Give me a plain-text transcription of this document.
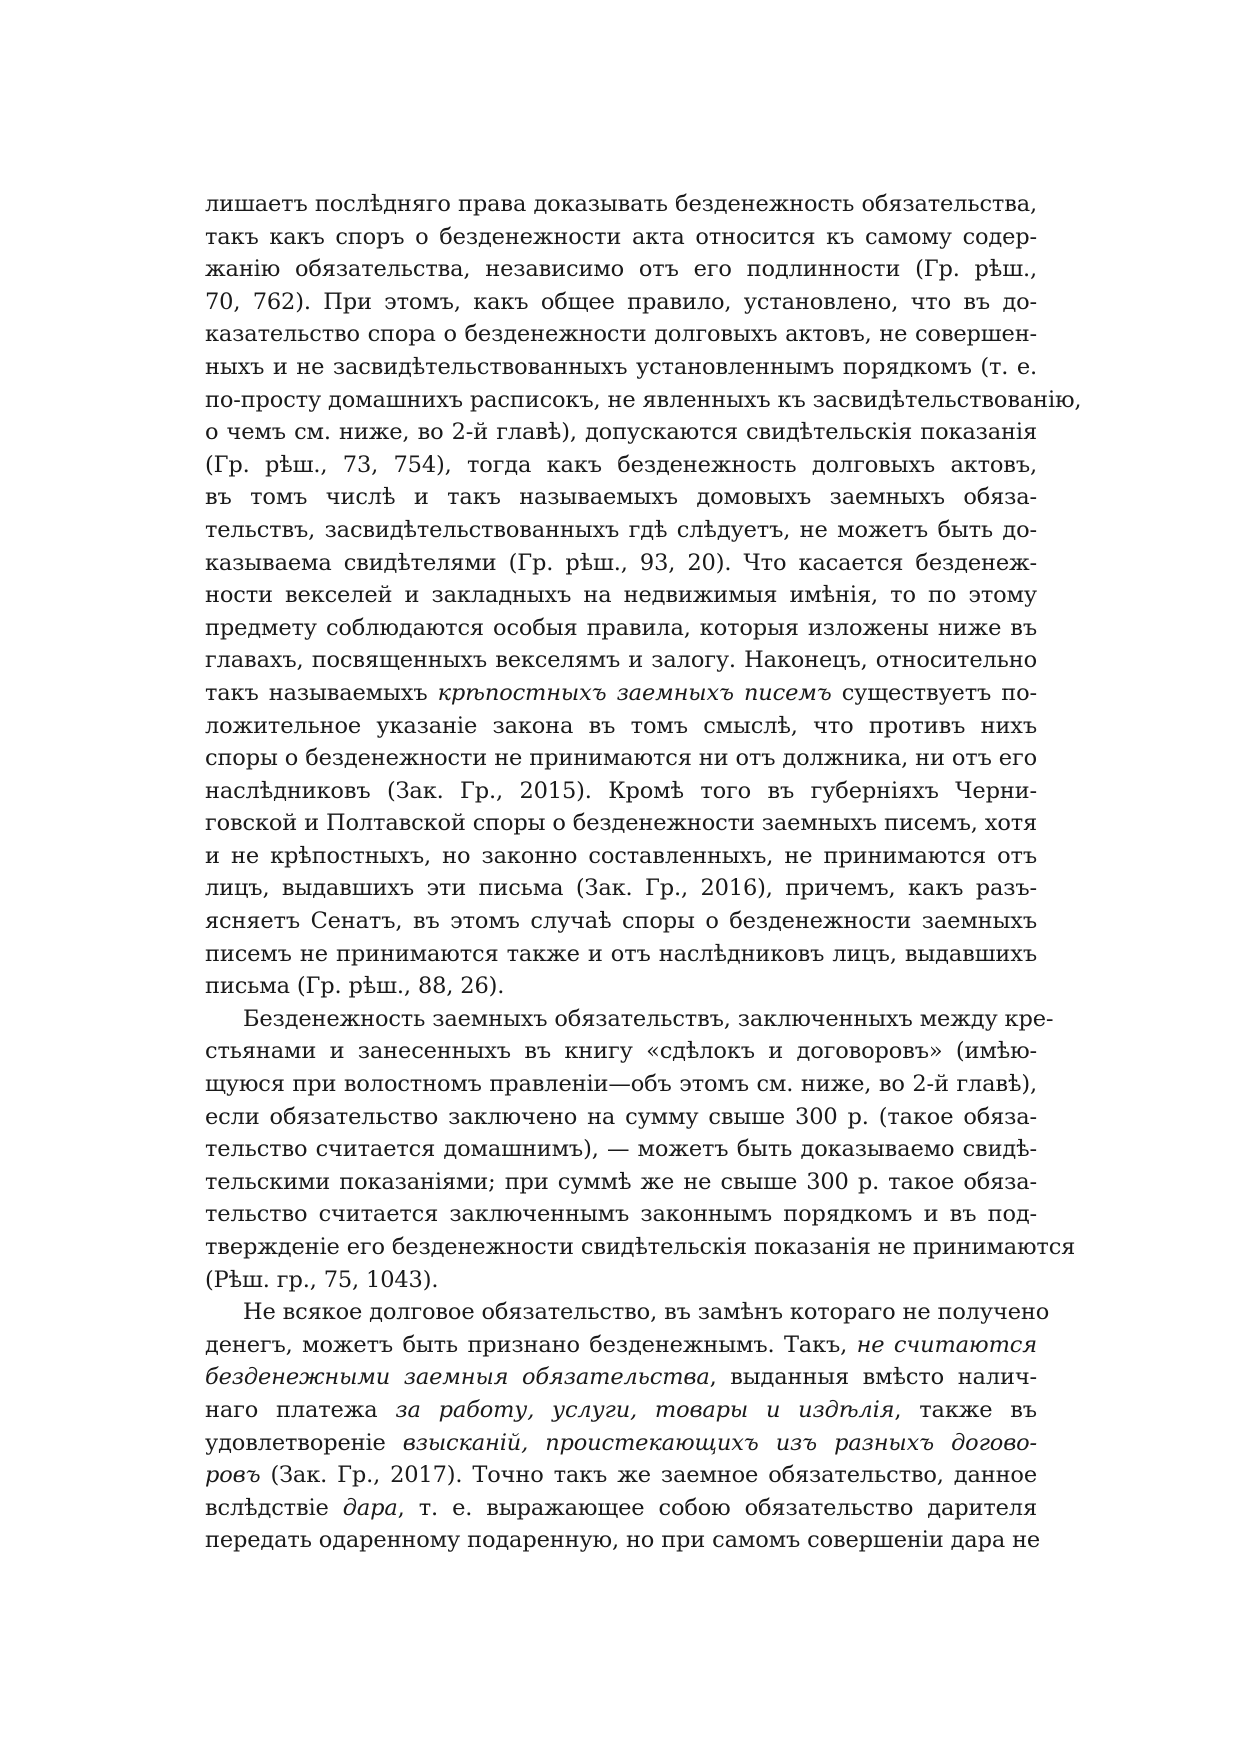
лишаетъ послѣдняго права доказывать безденежность обязательства,
такъ какъ споръ о безденежности акта относится къ самому содер-
жанію обязательства, независимо отъ его подлинности (Гр. рѣш.,
70, 762). При этомъ, какъ общее правило, установлено, что въ до-
казательство спора о безденежности долговыхъ актовъ, не совершен-
ныхъ и не засвидѣтельствованныхъ установленнымъ порядкомъ (т. е.
по-просту домашнихъ расписокъ, не явленныхъ къ засвидѣтельствованію,
о чемъ см. ниже, во 2-й главѣ), допускаются свидѣтельскія показанія
(Гр. рѣш., 73, 754), тогда какъ безденежность долговыхъ актовъ,
въ томъ числѣ и такъ называемыхъ домовыхъ заемныхъ обяза-
тельствъ, засвидѣтельствованныхъ гдѣ слѣдуетъ, не можетъ быть до-
казываема свидѣтелями (Гр. рѣш., 93, 20). Что касается безденеж-
ности векселей и закладныхъ на недвижимыя имѣнія, то по этому
предмету соблюдаются особыя правила, которыя изложены ниже въ
главахъ, посвященныхъ векселямъ и залогу. Наконецъ, относительно
такъ называемыхъ крѣпостныхъ заемныхъ писемъ существуетъ по-
ложительное указаніе закона въ томъ смыслѣ, что противъ нихъ
споры о безденежности не принимаются ни отъ должника, ни отъ его
наслѣдниковъ (Зак. Гр., 2015). Кромѣ того въ губерніяхъ Черни-
говской и Полтавской споры о безденежности заемныхъ писемъ, хотя
и не крѣпостныхъ, но законно составленныхъ, не принимаются отъ
лицъ, выдавшихъ эти письма (Зак. Гр., 2016), причемъ, какъ разъ-
ясняетъ Сенатъ, въ этомъ случаѣ споры о безденежности заемныхъ
писемъ не принимаются также и отъ наслѣдниковъ лицъ, выдавшихъ
письма (Гр. рѣш., 88, 26).
Безденежность заемныхъ обязательствъ, заключенныхъ между кре-
стьянами и занесенныхъ въ книгу «сдѣлокъ и договоровъ» (имѣю-
щуюся при волостномъ правленіи—объ этомъ см. ниже, во 2-й главѣ),
если обязательство заключено на сумму свыше 300 р. (такое обяза-
тельство считается домашнимъ), — можетъ быть доказываемо свидѣ-
тельскими показаніями; при суммѣ же не свыше 300 р. такое обяза-
тельство считается заключеннымъ законнымъ порядкомъ и въ под-
твержденіе его безденежности свидѣтельскія показанія не принимаются
(Рѣш. гр., 75, 1043).
Не всякое долговое обязательство, въ замѣнъ котораго не получено
денегъ, можетъ быть признано безденежнымъ. Такъ, не считаются
безденежными заемныя обязательства, выданныя вмѣсто налич-
наго платежа за работу, услуги, товары и издѣлія, также въ
удовлетвореніе взысканій, проистекающихъ изъ разныхъ догово-
ровъ (Зак. Гр., 2017). Точно такъ же заемное обязательство, данное
вслѣдствіе дара, т. е. выражающее собою обязательство дарителя
передать одаренному подаренную, но при самомъ совершеніи дара не
